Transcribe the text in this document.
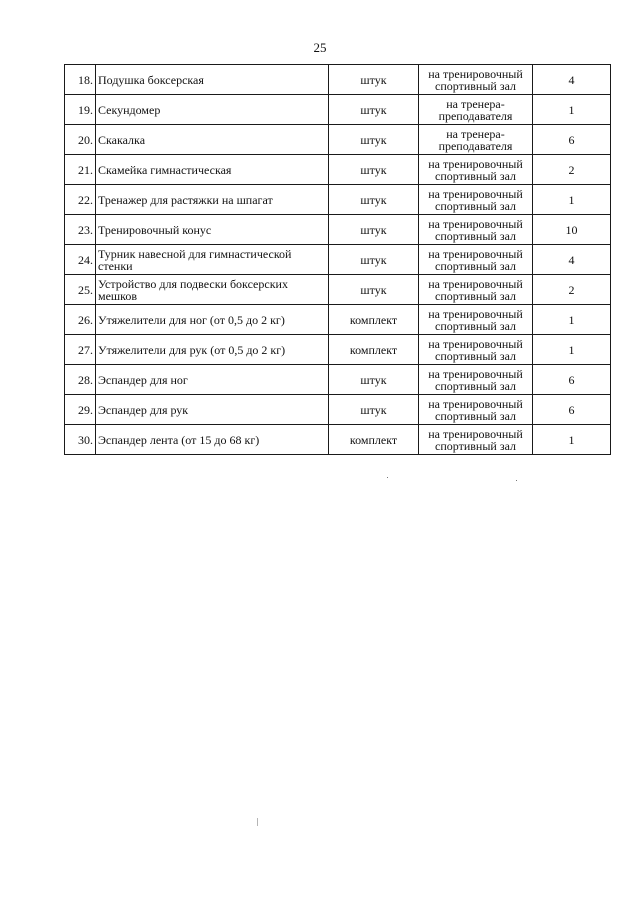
25
18.	Подушка боксерская	штук	на тренировочный спортивный зал	4
19.	Секундомер	штук	на тренера-преподавателя	1
20.	Скакалка	штук	на тренера-преподавателя	6
21.	Скамейка гимнастическая	штук	на тренировочный спортивный зал	2
22.	Тренажер для растяжки на шпагат	штук	на тренировочный спортивный зал	1
23.	Тренировочный конус	штук	на тренировочный спортивный зал	10
24.	Турник навесной для гимнастической стенки	штук	на тренировочный спортивный зал	4
25.	Устройство для подвески боксерских мешков	штук	на тренировочный спортивный зал	2
26.	Утяжелители для ног (от 0,5 до 2 кг)	комплект	на тренировочный спортивный зал	1
27.	Утяжелители для рук (от 0,5 до 2 кг)	комплект	на тренировочный спортивный зал	1
28.	Эспандер для ног	штук	на тренировочный спортивный зал	6
29.	Эспандер для рук	штук	на тренировочный спортивный зал	6
30.	Эспандер лента (от 15 до 68 кг)	комплект	на тренировочный спортивный зал	1
